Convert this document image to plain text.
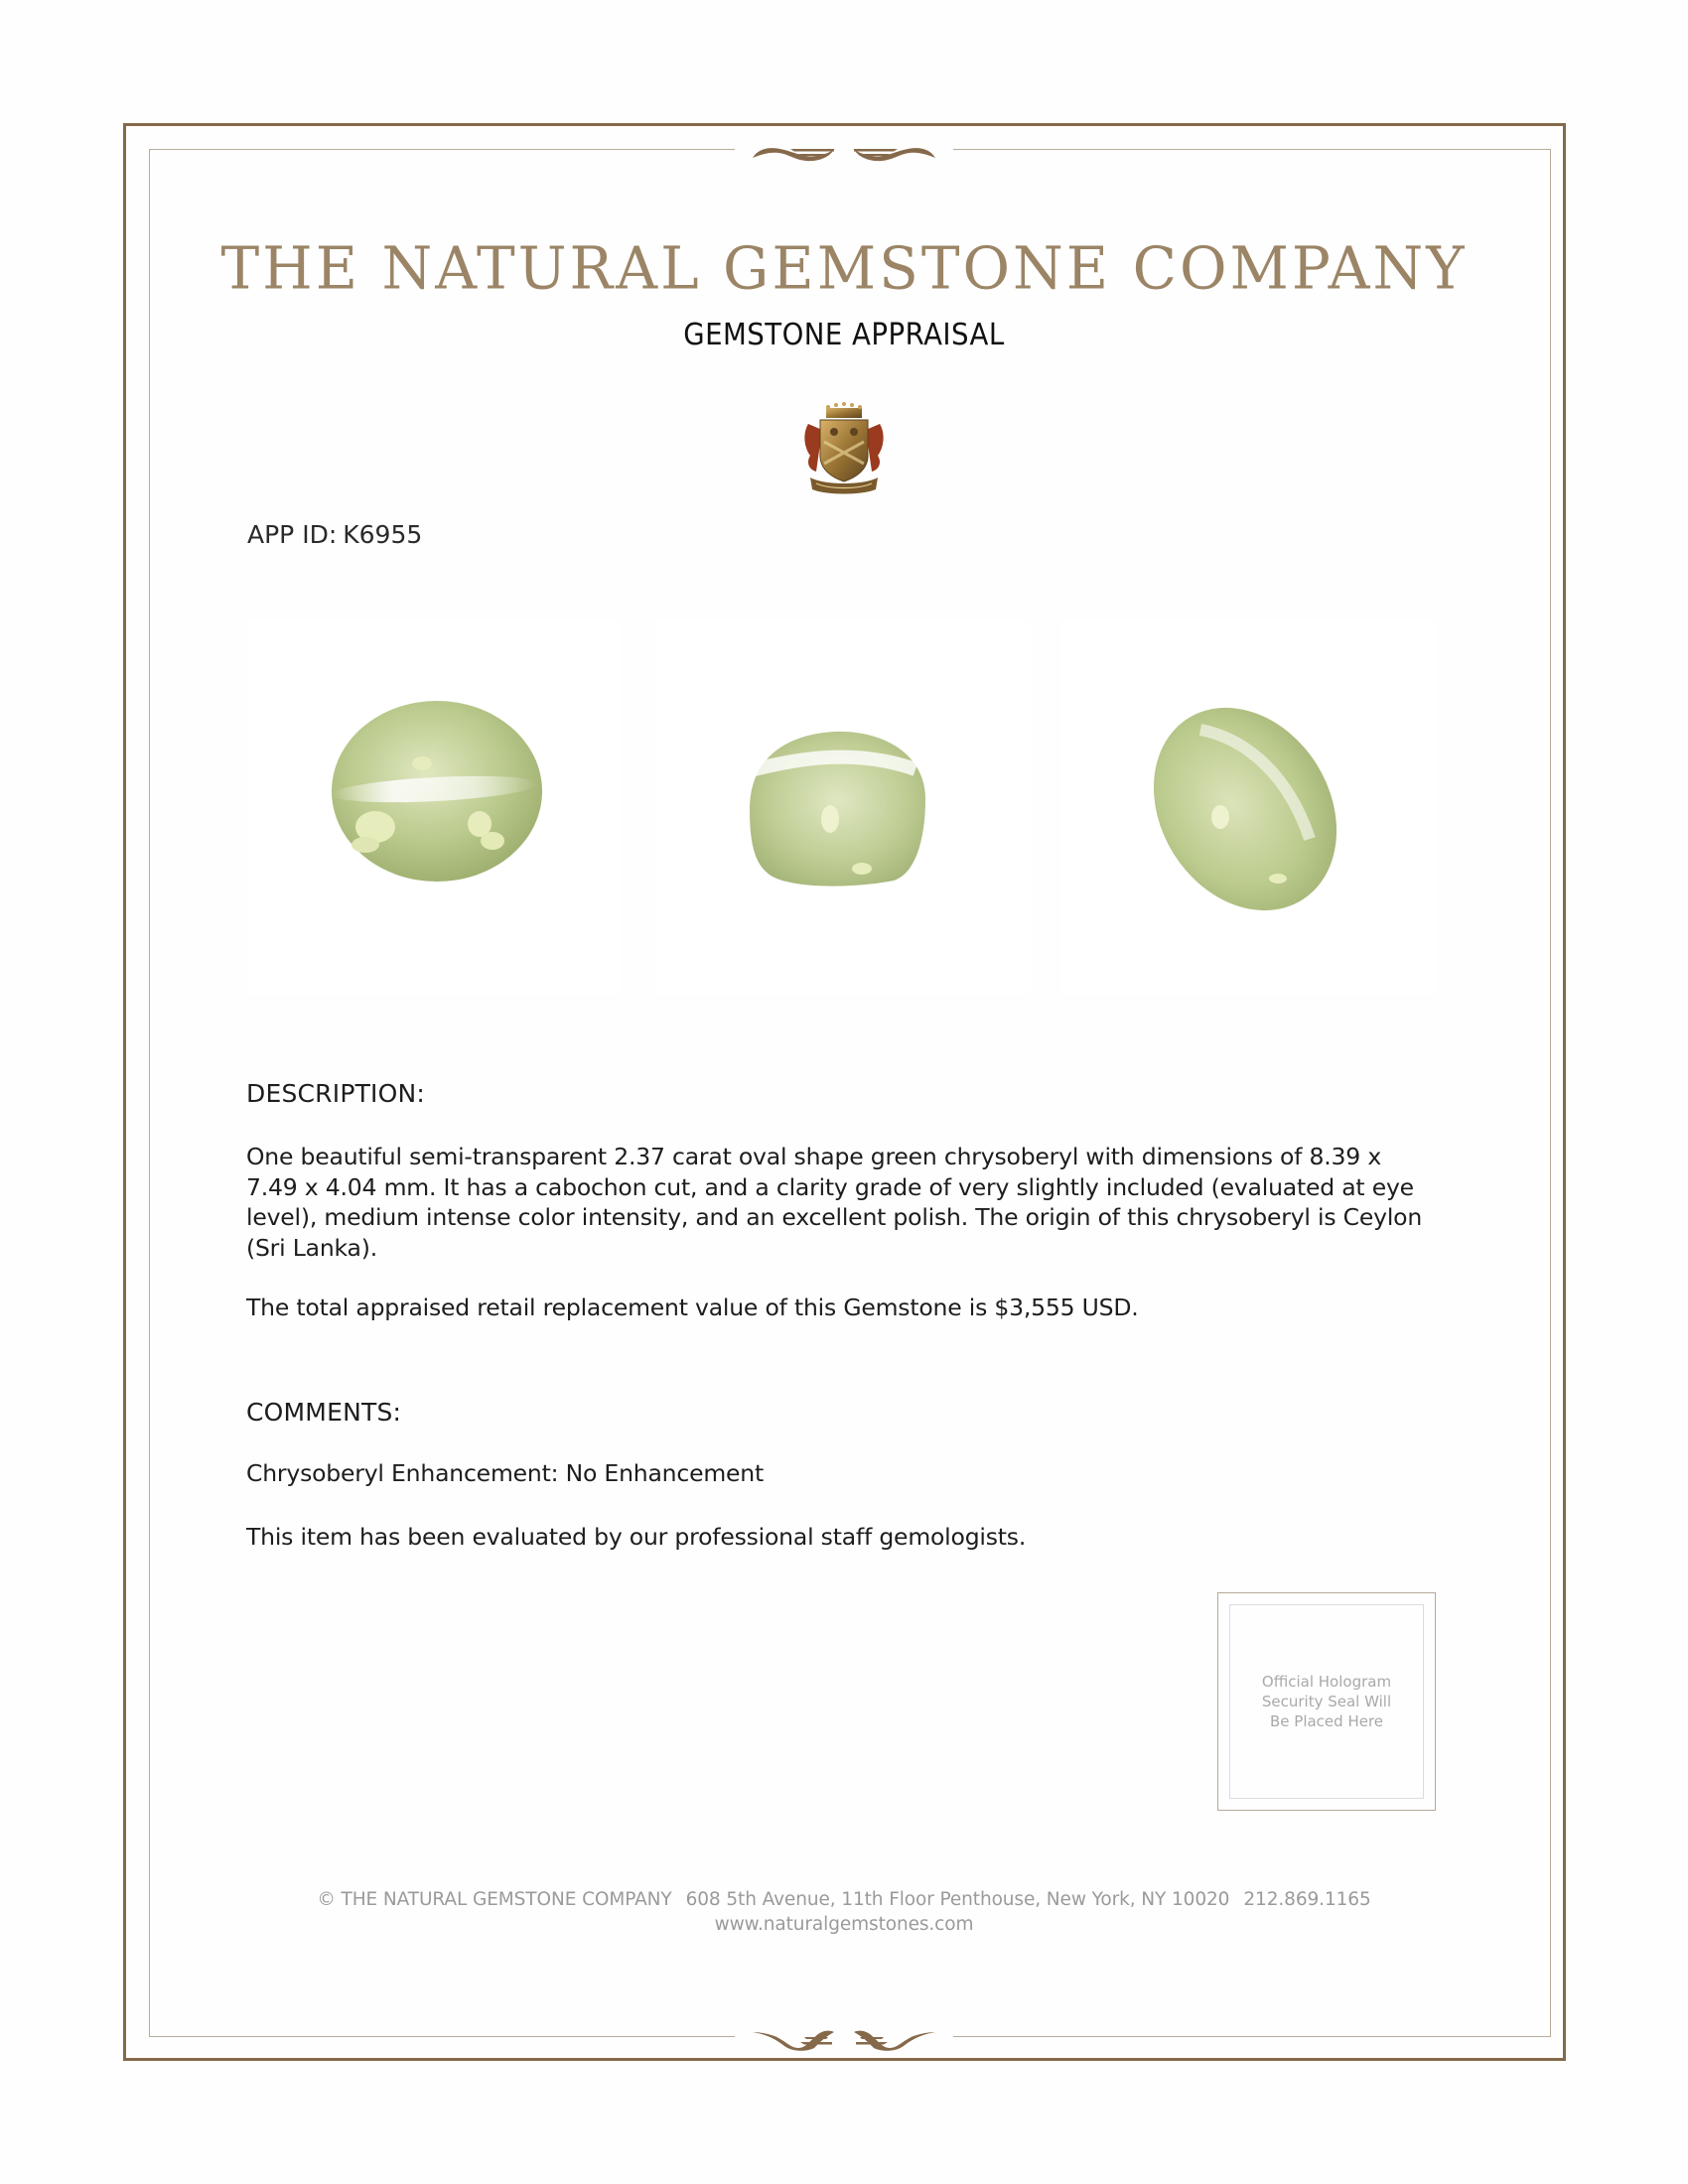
THE NATURAL GEMSTONE COMPANY
GEMSTONE APPRAISAL
APP ID: K6955
DESCRIPTION:
One beautiful semi-transparent 2.37 carat oval shape green chrysoberyl with dimensions of 8.39 x 7.49 x 4.04 mm. It has a cabochon cut, and a clarity grade of very slightly included (evaluated at eye level), medium intense color intensity, and an excellent polish. The origin of this chrysoberyl is Ceylon (Sri Lanka).
The total appraised retail replacement value of this Gemstone is $3,555 USD.
COMMENTS:
Chrysoberyl Enhancement: No Enhancement
This item has been evaluated by our professional staff gemologists.
Official Hologram
Security Seal Will
Be Placed Here
© THE NATURAL GEMSTONE COMPANY 608 5th Avenue, 11th Floor Penthouse, New York, NY 10020 212.869.1165
www.naturalgemstones.com
